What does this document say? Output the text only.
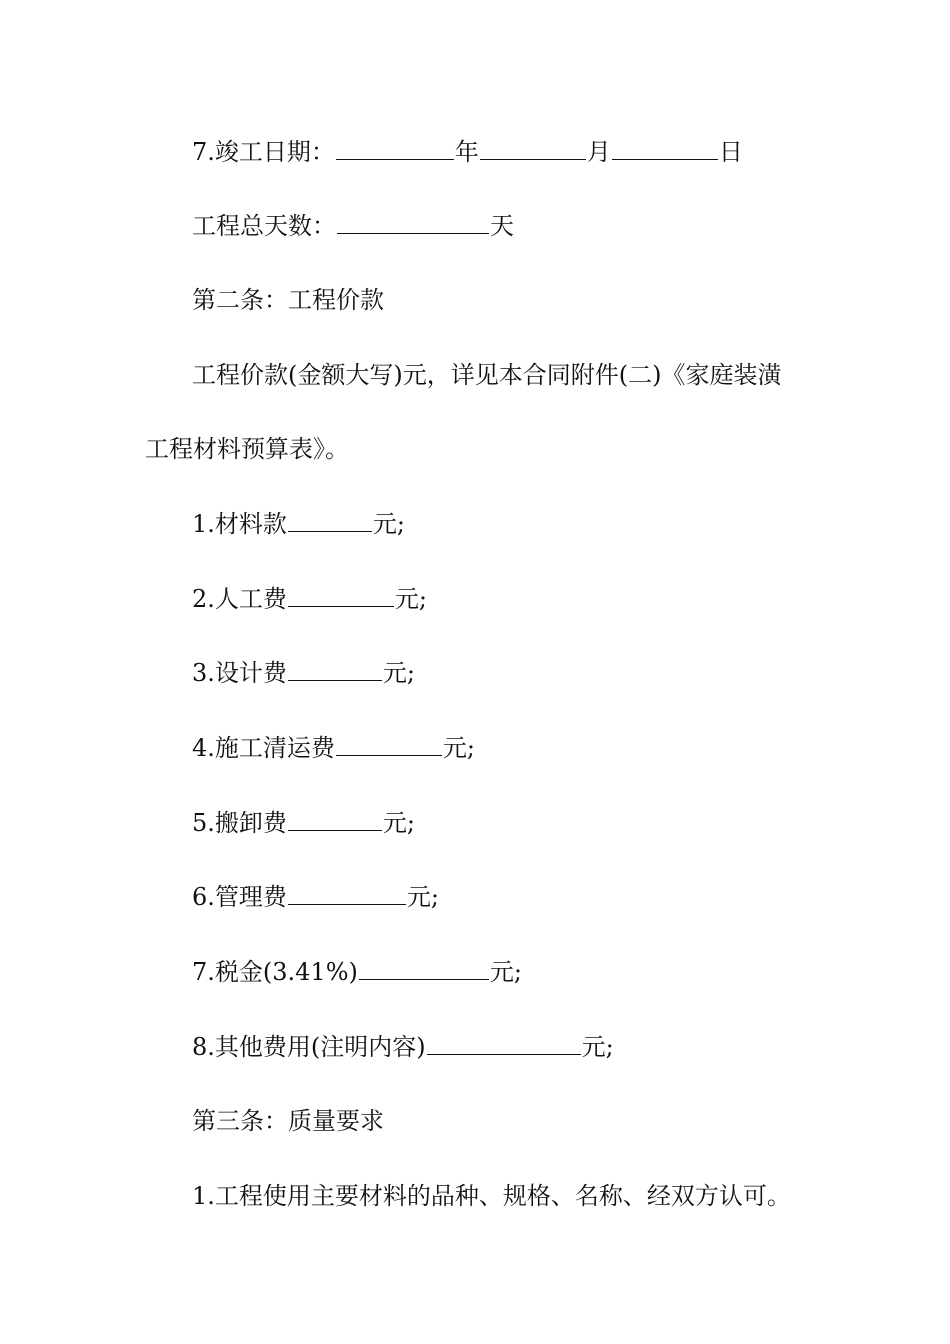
7.竣工日期：	年	月	日
工程总天数：	天
第二条：工程价款
工程价款(金额大写)元，详见本合同附件(二)《家庭装潢
工程材料预算表》。
1.材料款	元;
2.人工费	元;
3.设计费	元;
4.施工清运费	元;
5.搬卸费	元;
6.管理费	元;
7.税金(3.41%)	元;
8.其他费用(注明内容)	元;
第三条：质量要求
1.工程使用主要材料的品种、规格、名称、经双方认可。
